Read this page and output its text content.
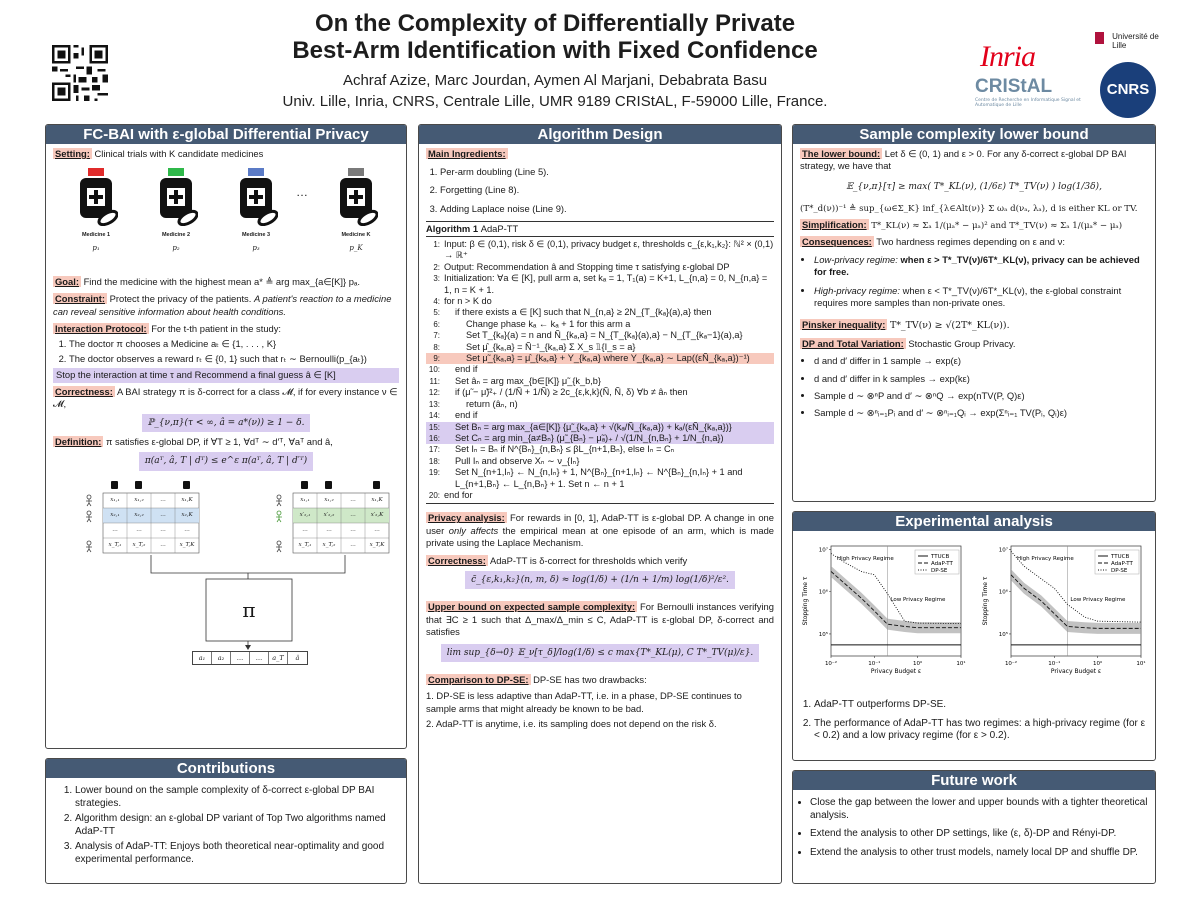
On the Complexity of Differentially Private
Best-Arm Identification with Fixed Confidence
Achraf Azize, Marc Jourdan, Aymen Al Marjani, Debabrata Basu
Univ. Lille, Inria, CNRS, Centrale Lille, UMR 9189 CRIStAL, F-59000 Lille, France.
Inria
Université de Lille
CRIStAL
Centre de Recherche en Informatique Signal et Automatique de Lille
CNRS
FC-BAI with ε-global Differential Privacy
Setting: Clinical trials with K candidate medicines
Medicine 1
p₁
Medicine 2
p₂
Medicine 3
p₃
…
Medicine K
p_K
Goal: Find the medicine with the highest mean a* ≜ arg max_{a∈[K]} pₐ.
Constraint: Protect the privacy of the patients. A patient's reaction to a medicine can reveal sensitive information about health conditions.
Interaction Protocol: For the t-th patient in the study:
1. The doctor π chooses a Medicine aₜ ∈ {1, . . . , K}
2. The doctor observes a reward rₜ ∈ {0, 1} such that rₜ ∼ Bernoulli(p_{aₜ})
Stop the interaction at time τ and Recommend a final guess â ∈ [K]
Correctness: A BAI strategy π is δ-correct for a class 𝓜, if for every instance ν ∈ 𝓜,
ℙ_{ν,π}(τ < ∞, â = a*(ν)) ≥ 1 − δ.
Definition: π satisfies ε-global DP, if ∀T ≥ 1, ∀dᵀ ∼ d′ᵀ, ∀aᵀ and â,
π(aᵀ, â, T | dᵀ) ≤ e^ε π(aᵀ, â, T | d′ᵀ)
x₁,₁	x₁,₂	…	x₁,K
x₂,₁	x₂,₂	…	x₂,K
…	…	…	…
x_T,₁	x_T,₂	…	x_T,K
x₁,₁	x₁,₂	…	x₁,K
x′₂,₁	x′₂,₂	…	x′₂,K
…	…	…	…
x_T,₁	x_T,₂	…	x_T,K
π
a₁	a₂	…	…	a_T	â
Contributions
1. Lower bound on the sample complexity of δ-correct ε-global DP BAI strategies.
2. Algorithm design: an ε-global DP variant of Top Two algorithms named AdaP-TT
3. Analysis of AdaP-TT: Enjoys both theoretical near-optimality and good experimental performance.
Algorithm Design
Main Ingredients:
1. Per-arm doubling (Line 5).
2. Forgetting (Line 8).
3. Adding Laplace noise (Line 9).
Algorithm 1 AdaP-TT
1: Input: β ∈ (0,1), risk δ ∈ (0,1), privacy budget ε, thresholds c_{ε,k₁,k₂}: ℕ² × (0,1) → ℝ⁺
2: Output: Recommendation â and Stopping time τ satisfying ε-global DP
3: Initialization: ∀a ∈ [K], pull arm a, set kₐ = 1, T₁(a) = K+1, L_{n,a} = 0, N_{n,a} = 1, n = K + 1.
4: for n > K do
5:	if there exists a ∈ [K] such that N_{n,a} ≥ 2N_{T_{kₐ}(a),a} then
6:	Change phase kₐ ← kₐ + 1 for this arm a
7:	Set T_{kₐ}(a) = n and Ñ_{kₐ,a} = N_{T_{kₐ}(a),a} − N_{T_{kₐ−1}(a),a}
8:	Set μ̂_{kₐ,a} = Ñ⁻¹_{kₐ,a} Σ X_s 𝟙{I_s = a}
9:	Set μ̃_{kₐ,a} = μ̂_{kₐ,a} + Y_{kₐ,a} where Y_{kₐ,a} ∼ Lap((εÑ_{kₐ,a})⁻¹)
10:	end if
11:	Set âₙ = arg max_{b∈[K]} μ̃_{k_b,b}
12:	if (μ̃ − μ̃)²₊ / (1/Ñ + 1/Ñ) ≥ 2c_{ε,k,k}(Ñ, Ñ, δ) ∀b ≠ âₙ then
13:	return (âₙ, n)
14:	end if
15:	Set Bₙ = arg max_{a∈[K]} {μ̃_{kₐ,a} + √(kₐ/Ñ_{kₐ,a}) + kₐ/(εÑ_{kₐ,a})}
16:	Set Cₙ = arg min_{a≠Bₙ} (μ̃_{Bₙ} − μ̃ₐ)₊ / √(1/N_{n,Bₙ} + 1/N_{n,a})
17:	Set Iₙ = Bₙ if N^{Bₙ}_{n,Bₙ} ≤ βL_{n+1,Bₙ}, else Iₙ = Cₙ
18:	Pull Iₙ and observe Xₙ ∼ ν_{Iₙ}
19:	Set N_{n+1,Iₙ} ← N_{n,Iₙ} + 1, N^{Bₙ}_{n+1,Iₙ} ← N^{Bₙ}_{n,Iₙ} + 1 and L_{n+1,Bₙ} ← L_{n,Bₙ} + 1. Set n ← n + 1
20: end for
Privacy analysis: For rewards in [0, 1], AdaP-TT is ε-global DP. A change in one user only affects the empirical mean at one episode of an arm, which is made private using the Laplace Mechanism.
Correctness: AdaP-TT is δ-correct for thresholds which verify
c̃_{ε,k₁,k₂}(n, m, δ) ≈ log(1/δ) + (1/n + 1/m) log(1/δ)²/ε².
Upper bound on expected sample complexity: For Bernoulli instances verifying that ∃C ≥ 1 such that Δ_max/Δ_min ≤ C, AdaP-TT is ε-global DP, δ-correct and satisfies
lim sup_{δ→0} 𝔼_ν[τ_δ]/log(1/δ) ≤ c max{T*_KL(μ), C T*_TV(μ)/ε}.
Comparison to DP-SE: DP-SE has two drawbacks:
1. DP-SE is less adaptive than AdaP-TT, i.e. in a phase, DP-SE continues to sample arms that might already be known to be bad.
2. AdaP-TT is anytime, i.e. its sampling does not depend on the risk δ.
Sample complexity lower bound
The lower bound: Let δ ∈ (0, 1) and ε > 0. For any δ-correct ε-global DP BAI strategy, we have that
𝔼_{ν,π}[τ] ≥ max( T*_KL(ν), (1/6ε) T*_TV(ν) ) log(1/3δ),
(T*_d(ν))⁻¹ ≜ sup_{ω∈Σ_K} inf_{λ∈Alt(ν)} Σ ωₐ d(νₐ, λₐ), d is either KL or TV.
Simplification: T*_KL(ν) ≈ Σₐ 1/(μₐ* − μₐ)² and T*_TV(ν) ≈ Σₐ 1/(μₐ* − μₐ)
Consequences: Two hardness regimes depending on ε and ν:
• Low-privacy regime: when ε > T*_TV(ν)/6T*_KL(ν), privacy can be achieved for free.
• High-privacy regime: when ε < T*_TV(ν)/6T*_KL(ν), the ε-global constraint requires more samples than non-private ones.
Pinsker inequality: T*_TV(ν) ≥ √(2T*_KL(ν)).
DP and Total Variation: Stochastic Group Privacy.
• d and d′ differ in 1 sample → exp(ε)
• d and d′ differ in k samples → exp(kε)
• Sample d ∼ ⊗ⁿP and d′ ∼ ⊗ⁿQ → exp(nTV(P, Q)ε)
• Sample d ∼ ⊗ⁿᵢ₌₁Pᵢ and d′ ∼ ⊗ⁿᵢ₌₁Qᵢ → exp(Σⁿᵢ₌₁ TV(Pᵢ, Qᵢ)ε)
Experimental analysis
10⁻²	10⁻¹	10⁰	10¹
10⁵
10⁶
10⁷
Privacy Budget ε
Stopping Time τ
High Privacy Regime
Low Privacy Regime
TTUCB
AdaP-TT
DP-SE
10⁻²	10⁻¹	10⁰	10¹
10⁵
10⁶
10⁷
Privacy Budget ε
Stopping Time τ
High Privacy Regime
Low Privacy Regime
TTUCB
AdaP-TT
DP-SE
1. AdaP-TT outperforms DP-SE.
2. The performance of AdaP-TT has two regimes: a high-privacy regime (for ε < 0.2) and a low privacy regime (for ε > 0.2).
Future work
• Close the gap between the lower and upper bounds with a tighter theoretical analysis.
• Extend the analysis to other DP settings, like (ε, δ)-DP and Rényi-DP.
• Extend the analysis to other trust models, namely local DP and shuffle DP.
